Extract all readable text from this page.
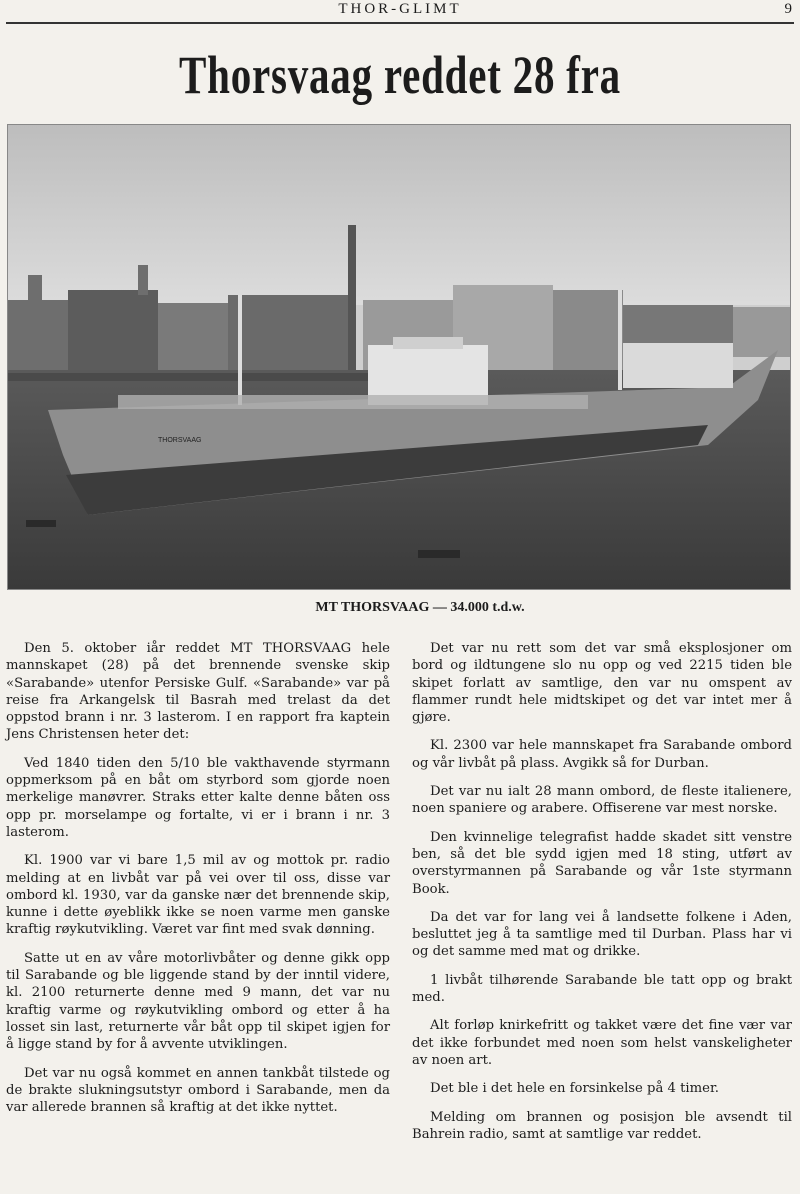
THOR-GLIMT	9
Thorsvaag reddet 28 fra
THORSVAAG
MT THORSVAAG — 34.000 t.d.w.

Den 5. oktober iår reddet MT THORSVAAG hele mannskapet (28) på det brennende svenske skip «Sarabande» utenfor Persiske Gulf. «Sarabande» var på reise fra Arkangelsk til Basrah med trelast da det oppstod brann i nr. 3 lasterom. I en rapport fra kaptein Jens Christensen heter det:

Ved 1840 tiden den 5/10 ble vakthavende styrmann oppmerksom på en båt om styrbord som gjorde noen merkelige manøvrer. Straks etter kalte denne båten oss opp pr. morselampe og fortalte, vi er i brann i nr. 3 lasterom.

Kl. 1900 var vi bare 1,5 mil av og mottok pr. radio melding at en livbåt var på vei over til oss, disse var ombord kl. 1930, var da ganske nær det brennende skip, kunne i dette øyeblikk ikke se noen varme men ganske kraftig røykutvikling. Været var fint med svak dønning.

Satte ut en av våre motorlivbåter og denne gikk opp til Sarabande og ble liggende stand by der inntil videre, kl. 2100 returnerte denne med 9 mann, det var nu kraftig varme og røykutvikling ombord og etter å ha losset sin last, returnerte vår båt opp til skipet igjen for å ligge stand by for å avvente utviklingen.

Det var nu også kommet en annen tankbåt tilstede og de brakte slukningsutstyr ombord i Sarabande, men da var allerede brannen så kraftig at det ikke nyttet.

Det var nu rett som det var små eksplosjoner om bord og ildtungene slo nu opp og ved 2215 tiden ble skipet forlatt av samtlige, den var nu omspent av flammer rundt hele midtskipet og det var intet mer å gjøre.

Kl. 2300 var hele mannskapet fra Sarabande ombord og vår livbåt på plass. Avgikk så for Durban.

Det var nu ialt 28 mann ombord, de fleste italienere, noen spaniere og arabere. Offiserene var mest norske.

Den kvinnelige telegrafist hadde skadet sitt venstre ben, så det ble sydd igjen med 18 sting, utført av overstyrmannen på Sarabande og vår 1ste styrmann Book.

Da det var for lang vei å landsette folkene i Aden, besluttet jeg å ta samtlige med til Durban. Plass har vi og det samme med mat og drikke.

1 livbåt tilhørende Sarabande ble tatt opp og brakt med.

Alt forløp knirkefritt og takket være det fine vær var det ikke forbundet med noen som helst vanskeligheter av noen art.

Det ble i det hele en forsinkelse på 4 timer.

Melding om brannen og posisjon ble avsendt til Bahrein radio, samt at samtlige var reddet.
